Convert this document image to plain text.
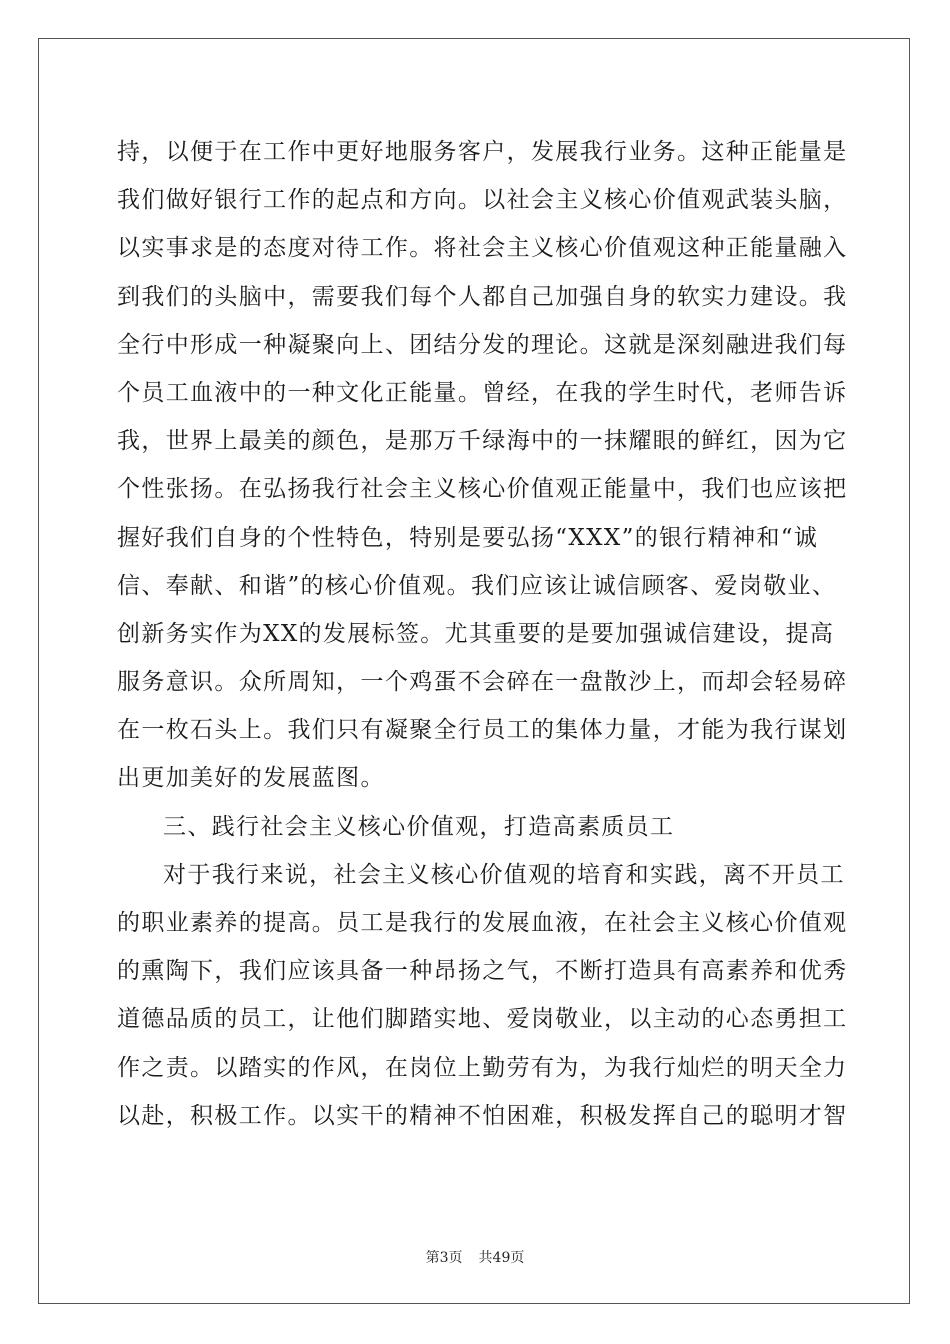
持，以便于在工作中更好地服务客户，发展我行业务。这种正能量是
我们做好银行工作的起点和方向。以社会主义核心价值观武装头脑，
以实事求是的态度对待工作。将社会主义核心价值观这种正能量融入
到我们的头脑中，需要我们每个人都自己加强自身的软实力建设。我
全行中形成一种凝聚向上、团结分发的理论。这就是深刻融进我们每
个员工血液中的一种文化正能量。曾经，在我的学生时代，老师告诉
我，世界上最美的颜色，是那万千绿海中的一抹耀眼的鲜红，因为它
个性张扬。在弘扬我行社会主义核心价值观正能量中，我们也应该把
握好我们自身的个性特色，特别是要弘扬“XXX”的银行精神和“诚
信、奉献、和谐”的核心价值观。我们应该让诚信顾客、爱岗敬业、
创新务实作为XX的发展标签。尤其重要的是要加强诚信建设，提高
服务意识。众所周知，一个鸡蛋不会碎在一盘散沙上，而却会轻易碎
在一枚石头上。我们只有凝聚全行员工的集体力量，才能为我行谋划
出更加美好的发展蓝图。
三、践行社会主义核心价值观，打造高素质员工
对于我行来说，社会主义核心价值观的培育和实践，离不开员工
的职业素养的提高。员工是我行的发展血液，在社会主义核心价值观
的熏陶下，我们应该具备一种昂扬之气，不断打造具有高素养和优秀
道德品质的员工，让他们脚踏实地、爱岗敬业，以主动的心态勇担工
作之责。以踏实的作风，在岗位上勤劳有为，为我行灿烂的明天全力
以赴，积极工作。以实干的精神不怕困难，积极发挥自己的聪明才智
第3页 共49页
